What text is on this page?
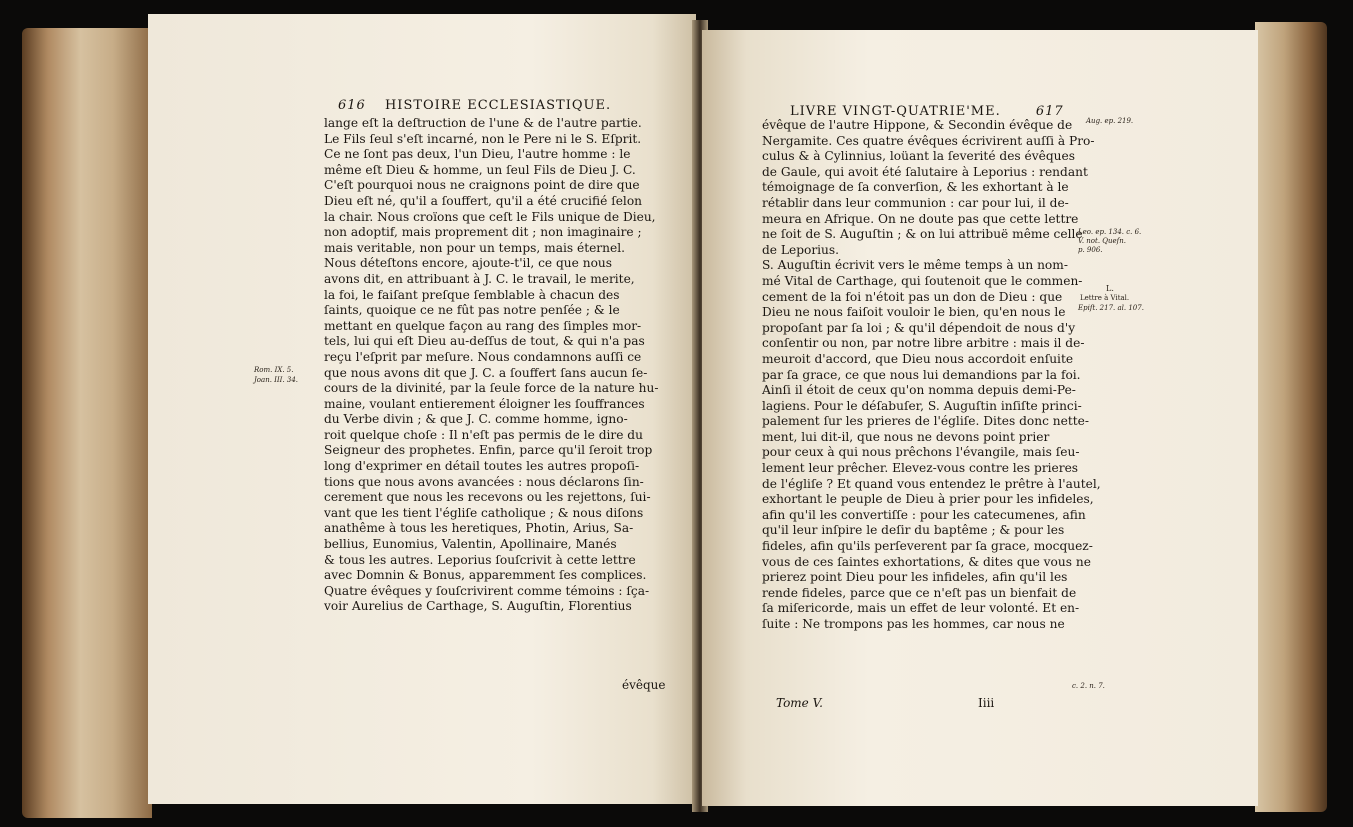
616 HISTOIRE ECCLESIASTIQUE.

lange eſt la deſtruction de l'une & de l'autre partie.

Le Fils ſeul s'eſt incarné, non le Pere ni le S. Eſprit.

Ce ne ſont pas deux, l'un Dieu, l'autre homme : le

même eſt Dieu & homme, un ſeul Fils de Dieu J. C.

C'eſt pourquoi nous ne craignons point de dire que

Dieu eſt né, qu'il a ſouffert, qu'il a été crucifié ſelon

la chair. Nous croïons que ceſt le Fils unique de Dieu,

non adoptif, mais proprement dit ; non imaginaire ;

mais veritable, non pour un temps, mais éternel.

Nous déteſtons encore, ajoute-t'il, ce que nous

avons dit, en attribuant à J. C. le travail, le merite,

la foi, le faiſant preſque ſemblable à chacun des

ſaints, quoique ce ne fût pas notre penſée ; & le

mettant en quelque façon au rang des ſimples mor-

tels, lui qui eſt Dieu au-deſſus de tout, & qui n'a pas

reçu l'eſprit par meſure. Nous condamnons auſſi ce

que nous avons dit que J. C. a ſouffert ſans aucun ſe-

cours de la divinité, par la ſeule force de la nature hu-

maine, voulant entierement éloigner les ſouffrances

du Verbe divin ; & que J. C. comme homme, igno-

roit quelque choſe : Il n'eſt pas permis de le dire du

Seigneur des prophetes. Enfin, parce qu'il ſeroit trop

long d'exprimer en détail toutes les autres propoſi-

tions que nous avons avancées : nous déclarons ſin-

cerement que nous les recevons ou les rejettons, ſui-

vant que les tient l'égliſe catholique ; & nous diſons

anathême à tous les heretiques, Photin, Arius, Sa-

bellius, Eunomius, Valentin, Apollinaire, Manés

& tous les autres. Leporius ſouſcrivit à cette lettre

avec Domnin & Bonus, apparemment ſes complices.

Quatre évêques y ſouſcrivirent comme témoins : ſça-

voir Aurelius de Carthage, S. Auguſtin, Florentius

Rom. IX. 5.
Joan. III. 34.
évêque
LIVRE VINGT-QUATRIE'ME.	617

évêque de l'autre Hippone, & Secondin évêque de

Nergamite. Ces quatre évêques écrivirent auſſi à Pro-

culus & à Cylinnius, loüant la ſeverité des évêques

de Gaule, qui avoit été ſalutaire à Leporius : rendant

témoignage de ſa converſion, & les exhortant à le

rétablir dans leur communion : car pour lui, il de-

meura en Afrique. On ne doute pas que cette lettre

ne ſoit de S. Auguſtin ; & on lui attribuë même celle

de Leporius.

S. Auguſtin écrivit vers le même temps à un nom-

mé Vital de Carthage, qui ſoutenoit que le commen-

cement de la foi n'étoit pas un don de Dieu : que

Dieu ne nous faiſoit vouloir le bien, qu'en nous le

propoſant par ſa loi ; & qu'il dépendoit de nous d'y

conſentir ou non, par notre libre arbitre : mais il de-

meuroit d'accord, que Dieu nous accordoit enſuite

par ſa grace, ce que nous lui demandions par la foi.

Ainſi il étoit de ceux qu'on nomma depuis demi-Pe-

lagiens. Pour le déſabuſer, S. Auguſtin inſiſte princi-

palement ſur les prieres de l'égliſe. Dites donc nette-

ment, lui dit-il, que nous ne devons point prier

pour ceux à qui nous prêchons l'évangile, mais ſeu-

lement leur prêcher. Elevez-vous contre les prieres

de l'égliſe ? Et quand vous entendez le prêtre à l'autel,

exhortant le peuple de Dieu à prier pour les infideles,

afin qu'il les convertiſſe : pour les catecumenes, afin

qu'il leur inſpire le deſir du baptême ; & pour les

fideles, afin qu'ils perſeverent par ſa grace, mocquez-

vous de ces ſaintes exhortations, & dites que vous ne

prierez point Dieu pour les infideles, afin qu'il les

rende fideles, parce que ce n'eſt pas un bienfait de

ſa miſericorde, mais un effet de leur volonté. Et en-

ſuite : Ne trompons pas les hommes, car nous ne

Aug. ep. 219.
Leo. ep. 134. c. 6.
V. not. Queſn.
p. 906.
L.
Lettre à Vital.
Epiſt. 217. al. 107.
c. 2. n. 7.
Tome V.	Iiii
